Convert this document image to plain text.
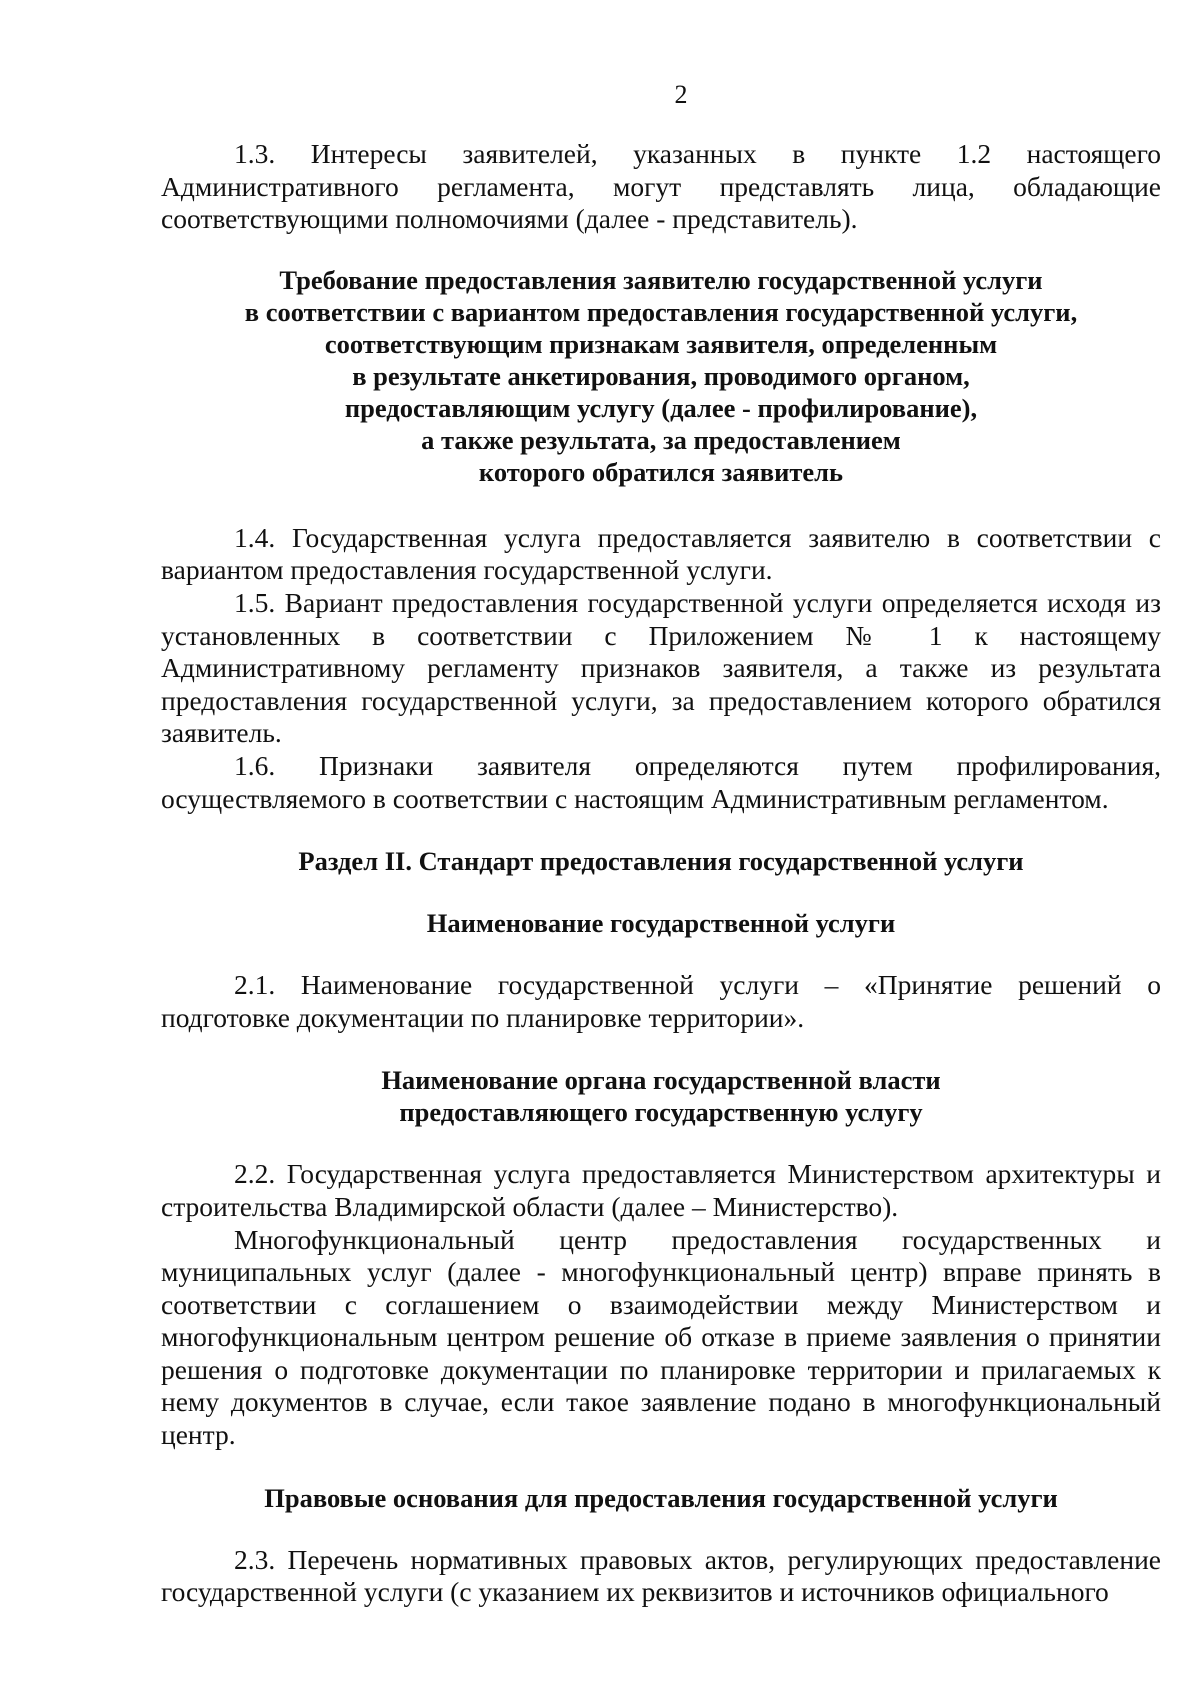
2

1.3. Интересы заявителей, указанных в пункте 1.2 настоящего Административного регламента, могут представлять лица, обладающие соответствующими полномочиями (далее - представитель).

Требование предоставления заявителю государственной услуги
в соответствии с вариантом предоставления государственной услуги,
соответствующим признакам заявителя, определенным
в результате анкетирования, проводимого органом,
предоставляющим услугу (далее - профилирование),
а также результата, за предоставлением
которого обратился заявитель

1.4. Государственная услуга предоставляется заявителю в соответствии с вариантом предоставления государственной услуги.

1.5. Вариант предоставления государственной услуги определяется исходя из установленных в соответствии с Приложением № 1 к настоящему Административному регламенту признаков заявителя, а также из результата предоставления государственной услуги, за предоставлением которого обратился заявитель.

1.6. Признаки заявителя определяются путем профилирования, осуществляемого в соответствии с настоящим Административным регламентом.

Раздел II. Стандарт предоставления государственной услуги
Наименование государственной услуги

2.1. Наименование государственной услуги – «Принятие решений о подготовке документации по планировке территории».

Наименование органа государственной власти
предоставляющего государственную услугу

2.2. Государственная услуга предоставляется Министерством архитектуры и строительства Владимирской области (далее – Министерство).

Многофункциональный центр предоставления государственных и муниципальных услуг (далее - многофункциональный центр) вправе принять в соответствии с соглашением о взаимодействии между Министерством и многофункциональным центром решение об отказе в приеме заявления о принятии решения о подготовке документации по планировке территории и прилагаемых к нему документов в случае, если такое заявление подано в многофункциональный центр.

Правовые основания для предоставления государственной услуги

2.3. Перечень нормативных правовых актов, регулирующих предоставление государственной услуги (с указанием их реквизитов и источников официального
